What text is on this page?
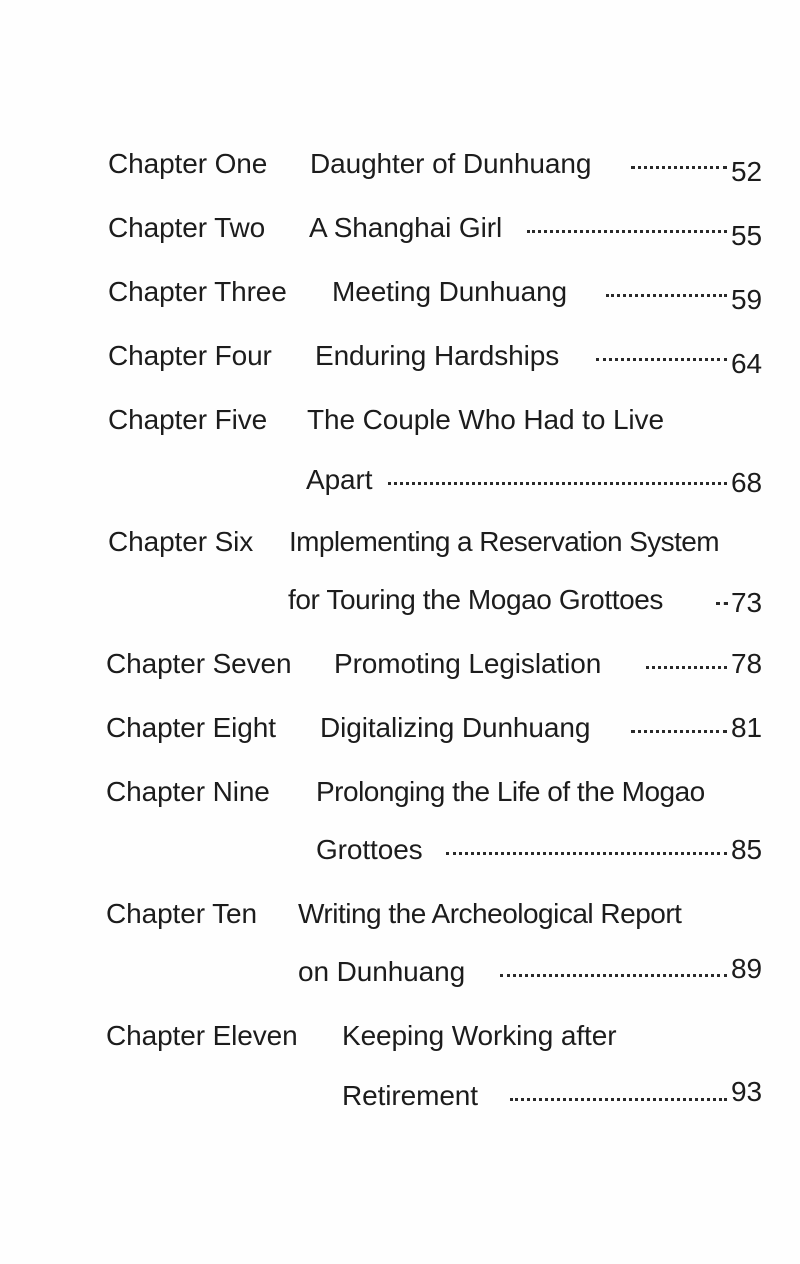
Chapter One Daughter of Dunhuang	52
Chapter Two A Shanghai Girl	55
Chapter Three Meeting Dunhuang	59
Chapter Four Enduring Hardships	64
Chapter Five The Couple Who Had to Live
Apart	68
Chapter Six Implementing a Reservation System
for Touring the Mogao Grottoes 73
Chapter Seven Promoting Legislation	78
Chapter Eight Digitalizing Dunhuang	81
Chapter Nine Prolonging the Life of the Mogao
Grottoes	85
Chapter Ten Writing the Archeological Report
on Dunhuang	89
Chapter Eleven Keeping Working after
Retirement	93
